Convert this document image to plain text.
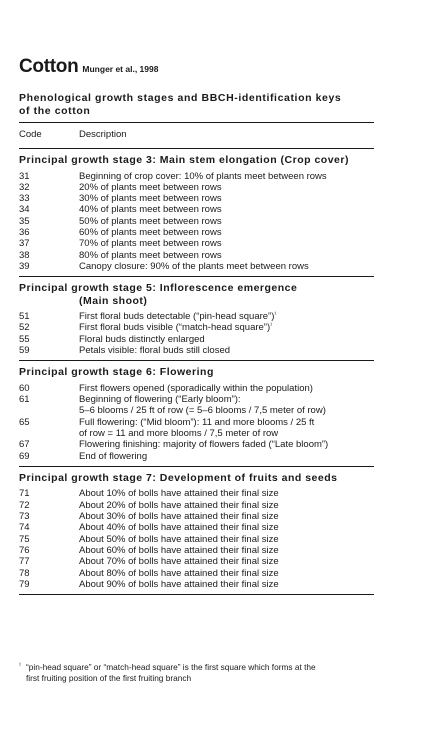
Cotton Munger et al., 1998
Phenological growth stages and BBCH-identification keys
of the cotton
Code	Description
Principal growth stage 3: Main stem elongation (Crop cover)
31	Beginning of crop cover: 10% of plants meet between rows
32	20% of plants meet between rows
33	30% of plants meet between rows
34	40% of plants meet between rows
35	50% of plants meet between rows
36	60% of plants meet between rows
37	70% of plants meet between rows
38	80% of plants meet between rows
39	Canopy closure: 90% of the plants meet between rows
Principal growth stage 5: Inflorescence emergence
(Main shoot)
51	First floral buds detectable (“pin-head square”)$^{^1}$
52	First floral buds visible (“match-head square”)$^{^1}$
55	Floral buds distinctly enlarged
59	Petals visible: floral buds still closed
Principal growth stage 6: Flowering
60	First flowers opened (sporadically within the population)
61	Beginning of flowering (“Early bloom”):
5–6 blooms / 25 ft of row (= 5–6 blooms / 7,5 meter of row)
65	Full flowering: (“Mid bloom”): 11 and more blooms / 25 ft
of row = 11 and more blooms / 7,5 meter of row
67	Flowering finishing: majority of flowers faded (“Late bloom”)
69	End of flowering
Principal growth stage 7: Development of fruits and seeds
71	About 10% of bolls have attained their final size
72	About 20% of bolls have attained their final size
73	About 30% of bolls have attained their final size
74	About 40% of bolls have attained their final size
75	About 50% of bolls have attained their final size
76	About 60% of bolls have attained their final size
77	About 70% of bolls have attained their final size
78	About 80% of bolls have attained their final size
79	About 90% of bolls have attained their final size
¹ “pin-head square” or “match-head square” is the first square which forms at the
first fruiting position of the first fruiting branch
